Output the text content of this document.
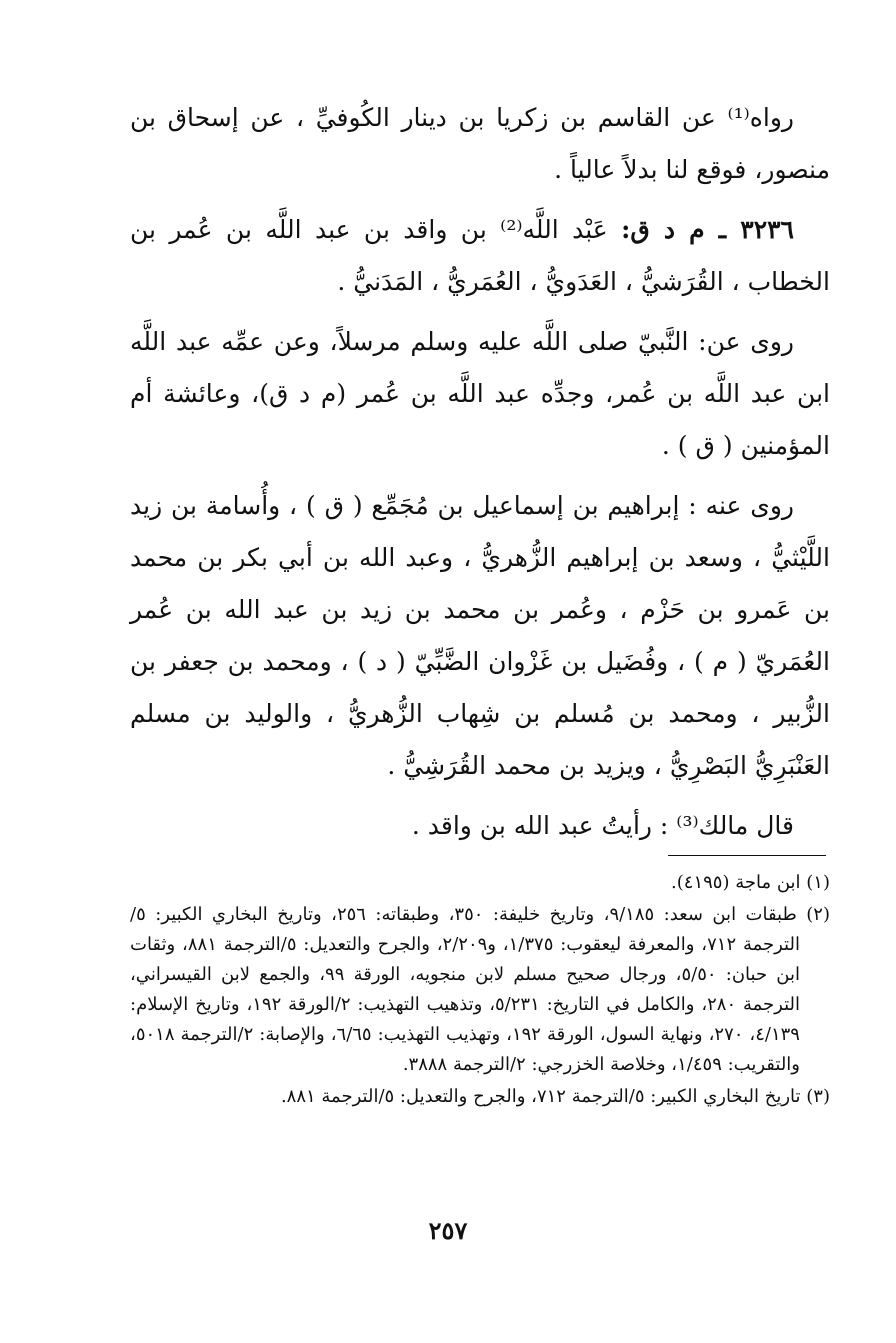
رواه⁽¹⁾ عن القاسم بن زكريا بن دينار الكُوفيِّ ، عن إسحاق بن منصور، فوقع لنا بدلاً عالياً .

٣٢٣٦ ـ م د ق: عَبْد اللَّه⁽²⁾ بن واقد بن عبد اللَّه بن عُمر بن الخطاب ، القُرَشيُّ ، العَدَويُّ ، العُمَريُّ ، المَدَنيُّ .

روى عن: النَّبيّ صلى اللَّه عليه وسلم مرسلاً، وعن عمِّه عبد اللَّه ابن عبد اللَّه بن عُمر، وجدِّه عبد اللَّه بن عُمر (م د ق)، وعائشة أم المؤمنين ( ق ) .

روى عنه : إبراهيم بن إسماعيل بن مُجَمِّع ( ق ) ، وأُسامة بن زيد اللَّيْثيُّ ، وسعد بن إبراهيم الزُّهريُّ ، وعبد الله بن أبي بكر بن محمد بن عَمرو بن حَزْم ، وعُمر بن محمد بن زيد بن عبد الله بن عُمر العُمَريّ ( م ) ، وفُضَيل بن غَزْوان الضَّبِّيّ ( د ) ، ومحمد بن جعفر بن الزُّبير ، ومحمد بن مُسلم بن شِهاب الزُّهريُّ ، والوليد بن مسلم العَنْبَرِيُّ البَصْرِيُّ ، ويزيد بن محمد القُرَشِيُّ .

قال مالك⁽³⁾ : رأيتُ عبد الله بن واقد .

(١) ابن ماجة (٤١٩٥).

(٢) طبقات ابن سعد: ٩/١٨٥، وتاريخ خليفة: ٣٥٠، وطبقاته: ٢٥٦، وتاريخ البخاري الكبير: ٥/الترجمة ٧١٢، والمعرفة ليعقوب: ١/٣٧٥، و٢/٢٠٩، والجرح والتعديل: ٥/الترجمة ٨٨١، وثقات ابن حبان: ٥/٥٠، ورجال صحيح مسلم لابن منجويه، الورقة ٩٩، والجمع لابن القيسراني، الترجمة ٢٨٠، والكامل في التاريخ: ٥/٢٣١، وتذهيب التهذيب: ٢/الورقة ١٩٢، وتاريخ الإسلام: ٤/١٣٩، ٢٧٠، ونهاية السول، الورقة ١٩٢، وتهذيب التهذيب: ٦/٦٥، والإصابة: ٢/الترجمة ٥٠١٨، والتقريب: ١/٤٥٩، وخلاصة الخزرجي: ٢/الترجمة ٣٨٨٨.

(٣) تاريخ البخاري الكبير: ٥/الترجمة ٧١٢، والجرح والتعديل: ٥/الترجمة ٨٨١.

٢٥٧
